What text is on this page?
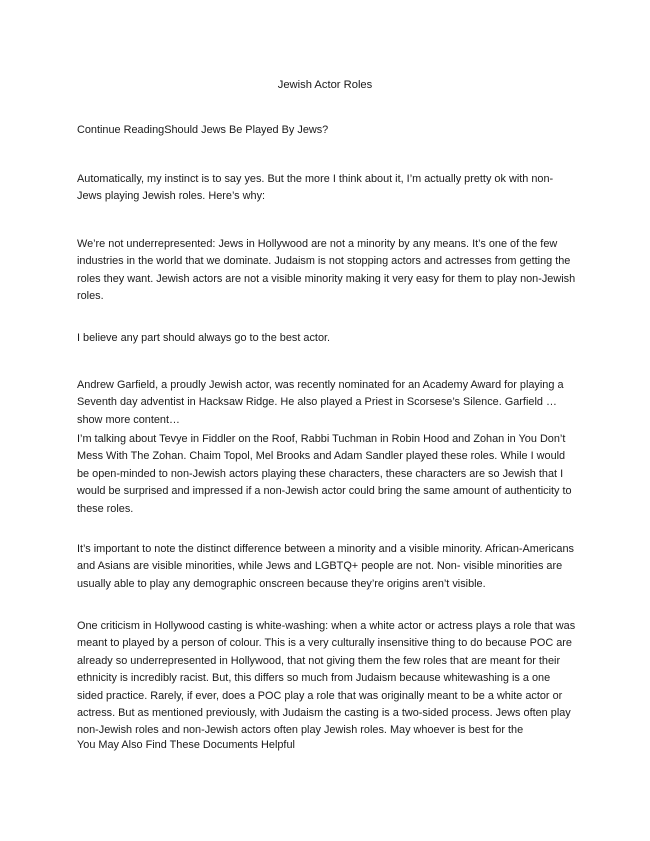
Jewish Actor Roles

Continue ReadingShould Jews Be Played By Jews?

Automatically, my instinct is to say yes. But the more I think about it, I’m actually pretty ok with non-Jews playing Jewish roles. Here’s why:

We’re not underrepresented: Jews in Hollywood are not a minority by any means. It’s one of the few industries in the world that we dominate. Judaism is not stopping actors and actresses from getting the roles they want. Jewish actors are not a visible minority making it very easy for them to play non-Jewish roles.

I believe any part should always go to the best actor.

Andrew Garfield, a proudly Jewish actor, was recently nominated for an Academy Award for playing a Seventh day adventist in Hacksaw Ridge. He also played a Priest in Scorsese’s Silence. Garfield …show more content…

I’m talking about Tevye in Fiddler on the Roof, Rabbi Tuchman in Robin Hood and Zohan in You Don’t Mess With The Zohan. Chaim Topol, Mel Brooks and Adam Sandler played these roles. While I would be open-minded to non-Jewish actors playing these characters, these characters are so Jewish that I would be surprised and impressed if a non-Jewish actor could bring the same amount of authenticity to these roles.

It’s important to note the distinct difference between a minority and a visible minority. African-Americans and Asians are visible minorities, while Jews and LGBTQ+ people are not. Non- visible minorities are usually able to play any demographic onscreen because they’re origins aren’t visible.

One criticism in Hollywood casting is white-washing: when a white actor or actress plays a role that was meant to played by a person of colour. This is a very culturally insensitive thing to do because POC are already so underrepresented in Hollywood, that not giving them the few roles that are meant for their ethnicity is incredibly racist. But, this differs so much from Judaism because whitewashing is a one sided practice. Rarely, if ever, does a POC play a role that was originally meant to be a white actor or actress. But as mentioned previously, with Judaism the casting is a two-sided process. Jews often play non-Jewish roles and non-Jewish actors often play Jewish roles. May whoever is best for the

You May Also Find These Documents Helpful
